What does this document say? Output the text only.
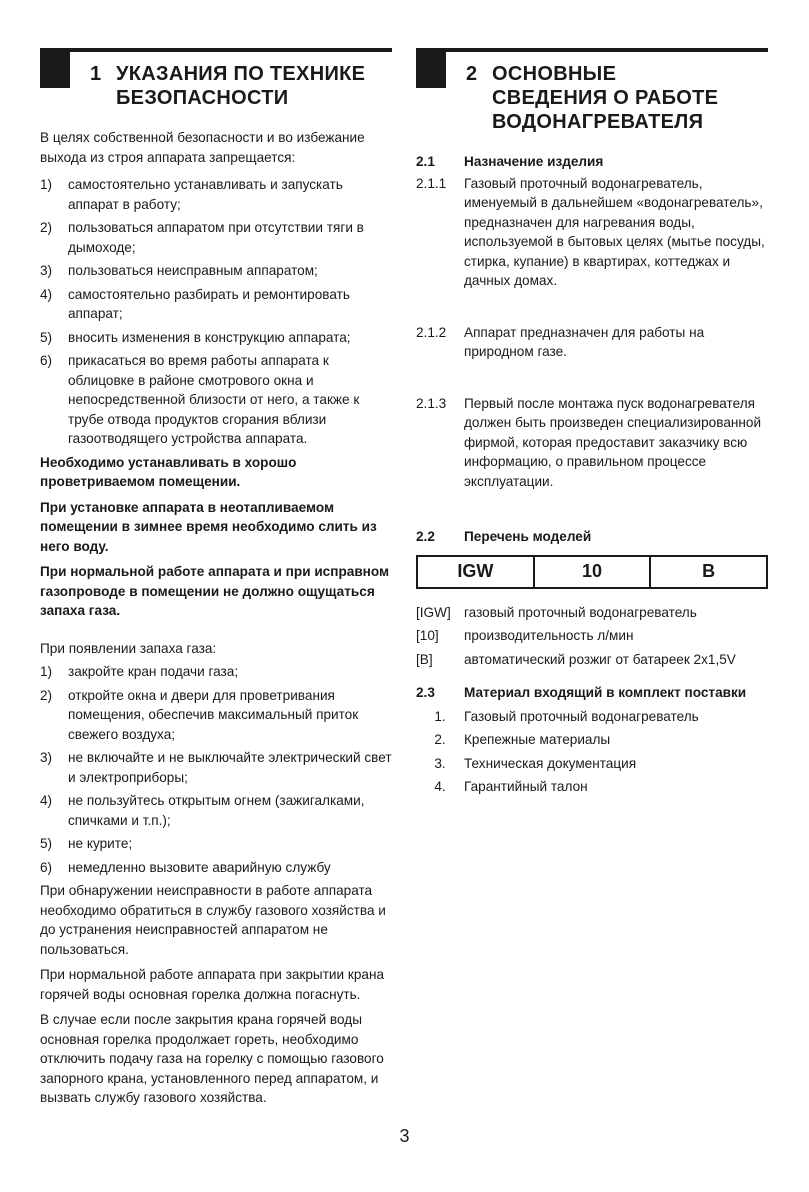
1 УКАЗАНИЯ ПО ТЕХНИКЕ
БЕЗОПАСНОСТИ

В целях собственной безопасности и во избежание выхода из строя аппарата запрещается:

1) самостоятельно устанавливать и запускать аппарат в работу;
2) пользоваться аппаратом при отсутствии тяги в дымоходе;
3) пользоваться неисправным аппаратом;
4) самостоятельно разбирать и ремонтировать аппарат;
5) вносить изменения в конструкцию аппарата;
6) прикасаться во время работы аппарата к облицовке в районе смотрового окна и непосредственной близости от него, а также к трубе отвода продуктов сгорания вблизи газоотводящего устройства аппарата.

Необходимо устанавливать в хорошо проветриваемом помещении.

При установке аппарата в неотапливаемом помещении в зимнее время необходимо слить из него воду.

При нормальной работе аппарата и при исправном газопроводе в помещении не должно ощущаться запаха газа.

При появлении запаха газа:

1) закройте кран подачи газа;
2) откройте окна и двери для проветривания помещения, обеспечив максимальный приток свежего воздуха;
3) не включайте и не выключайте электрический свет и электроприборы;
4) не пользуйтесь открытым огнем (зажигалками, спичками и т.п.);
5) не курите;
6) немедленно вызовите аварийную службу

При обнаружении неисправности в работе аппарата необходимо обратиться в службу газового хозяйства и до устранения неисправностей аппаратом не пользоваться.

При нормальной работе аппарата при закрытии крана горячей воды основная горелка должна погаснуть.

В случае если после закрытия крана горячей воды основная горелка продолжает гореть, необходимо отключить подачу газа на горелку с помощью газового запорного крана, установленного перед аппаратом, и вызвать службу газового хозяйства.

2 ОСНОВНЫЕ
СВЕДЕНИЯ О РАБОТЕ
ВОДОНАГРЕВАТЕЛЯ
2.1	Назначение изделия
2.1.1	Газовый проточный водонагреватель, именуемый в дальнейшем «водонагреватель», предназначен для нагревания воды, используемой в бытовых целях (мытье посуды, стирка, купание) в квартирах, коттеджах и дачных домах.
2.1.2	Аппарат предназначен для работы на природном газе.
2.1.3	Первый после монтажа пуск водонагревателя должен быть произведен специализированной фирмой, которая предоставит заказчику всю информацию, о правильном процессе эксплуатации.
2.2	Перечень моделей
IGW	10	B
[IGW] газовый проточный водонагреватель
[10]	производительность л/мин
[B]	автоматический розжиг от батареек 2х1,5V
2.3	Материал входящий в комплект поставки
1.	Газовый проточный водонагреватель
2.	Крепежные материалы
3.	Техническая документация
4.	Гарантийный талон
3
